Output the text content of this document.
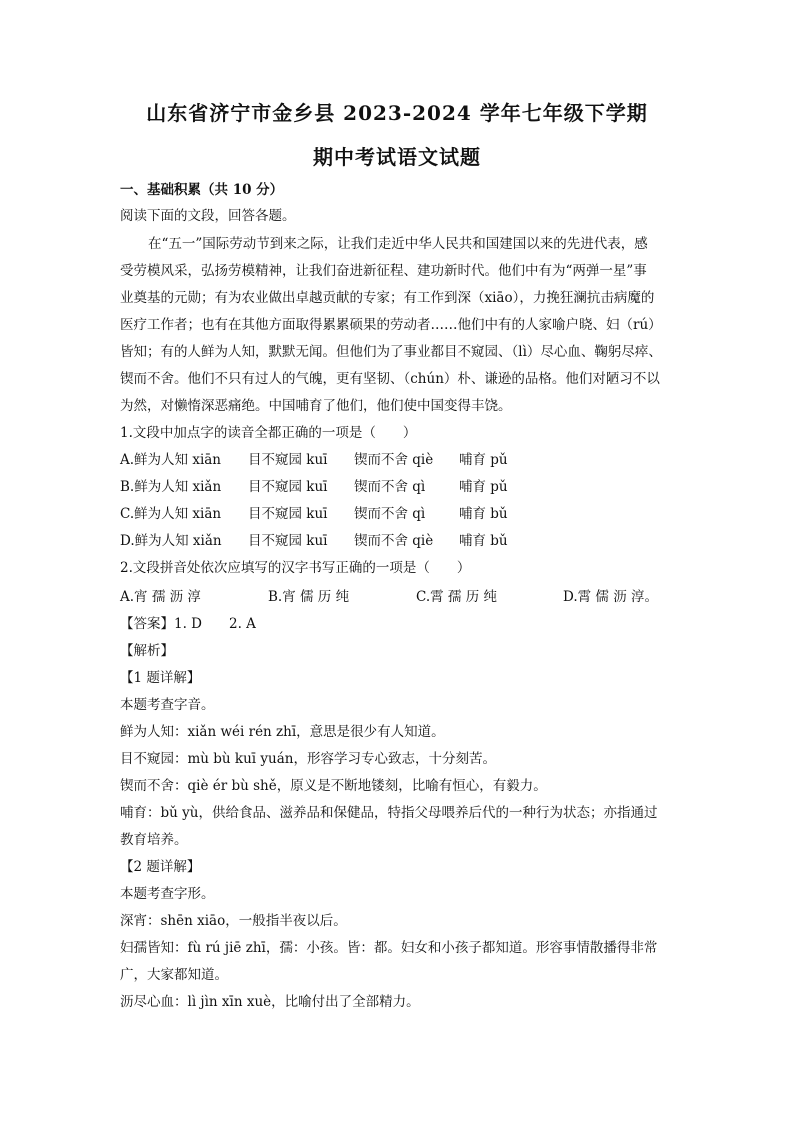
山东省济宁市金乡县 2023-2024 学年七年级下学期
期中考试语文试题
一、基础积累（共 10 分）
阅读下面的文段，回答各题。
在“五一”国际劳动节到来之际，让我们走近中华人民共和国建国以来的先进代表，感
受劳模风采，弘扬劳模精神，让我们奋进新征程、建功新时代。他们中有为“两弹一星”事
业奠基的元勋；有为农业做出卓越贡献的专家；有工作到深（xiāo），力挽狂澜抗击病魔的
医疗工作者；也有在其他方面取得累累硕果的劳动者……他们中有的人家喻户晓、妇（rú）
皆知；有的人鲜为人知，默默无闻。但他们为了事业都目不窥园、（lì）尽心血、鞠躬尽瘁、
锲而不舍。他们不只有过人的气魄，更有坚韧、（chún）朴、谦逊的品格。他们对陋习不以
为然，对懒惰深恶痛绝。中国哺育了他们，他们使中国变得丰饶。
1.文段中加点字的读音全都正确的一项是（　　）
A.鲜为人知 xiān 目不窥园 kuī 锲而不舍 qiè 哺育 pǔ
B.鲜为人知 xiǎn 目不窥园 kuī 锲而不舍 qì 哺育 pǔ
C.鲜为人知 xiān 目不窥园 kuī 锲而不舍 qì 哺育 bǔ
D.鲜为人知 xiǎn 目不窥园 kuī 锲而不舍 qiè 哺育 bǔ
2.文段拼音处依次应填写的汉字书写正确的一项是（　　）
A.宵 孺 沥 淳	B.宵 儒 历 纯	C.霄 孺 历 纯	D.霄 儒 沥 淳。
【答案】1. D　　2. A
【解析】
【1 题详解】
本题考查字音。
鲜为人知：xiǎn wéi rén zhī，意思是很少有人知道。
目不窥园：mù bù kuī yuán，形容学习专心致志，十分刻苦。
锲而不舍：qiè ér bù shě，原义是不断地镂刻，比喻有恒心，有毅力。
哺育：bǔ yù，供给食品、滋养品和保健品，特指父母喂养后代的一种行为状态；亦指通过
教育培养。
【2 题详解】
本题考查字形。
深宵：shēn xiāo，一般指半夜以后。
妇孺皆知：fù rú jiē zhī，孺：小孩。皆：都。妇女和小孩子都知道。形容事情散播得非常
广，大家都知道。
沥尽心血：lì jìn xīn xuè，比喻付出了全部精力。
